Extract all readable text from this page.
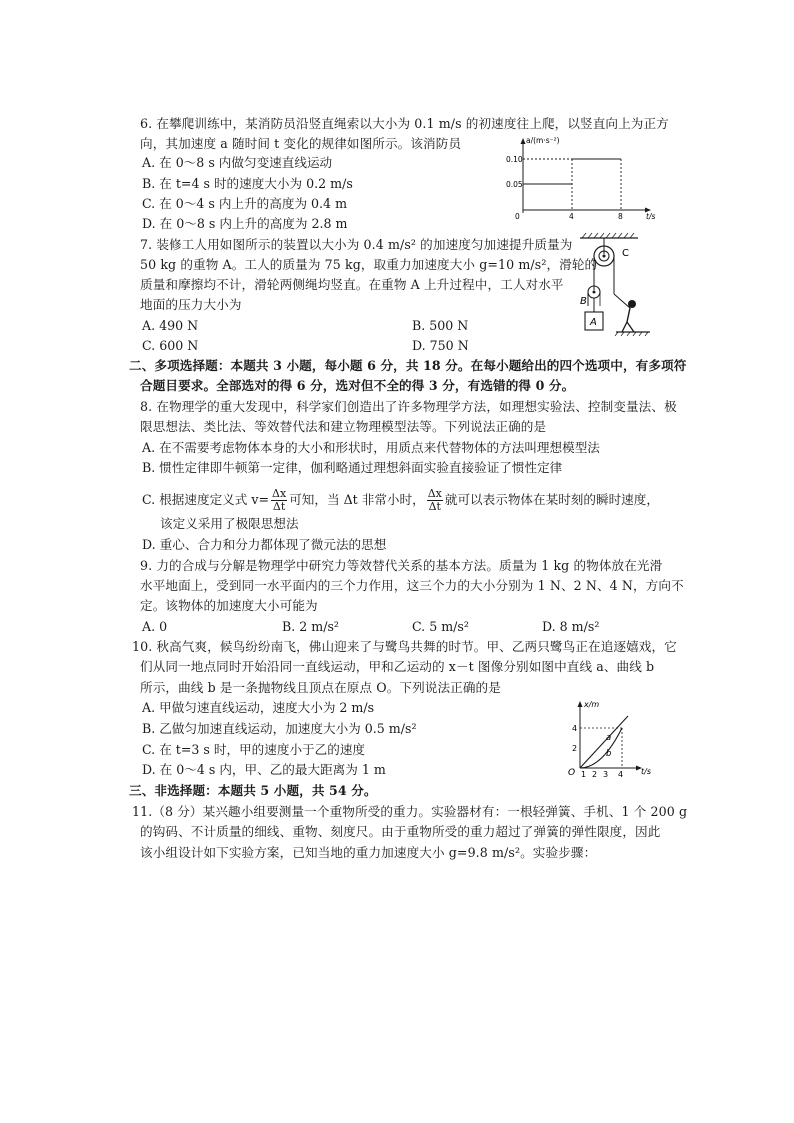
6. 在攀爬训练中，某消防员沿竖直绳索以大小为 0.1 m/s 的初速度往上爬，以竖直向上为正方
向，其加速度 a 随时间 t 变化的规律如图所示。该消防员
A. 在 0～8 s 内做匀变速直线运动
B. 在 t=4 s 时的速度大小为 0.2 m/s
C. 在 0～4 s 内上升的高度为 0.4 m
D. 在 0～8 s 内上升的高度为 2.8 m
a/(m·s⁻²)
t/s
0.10
0.05
0	4	8
7. 装修工人用如图所示的装置以大小为 0.4 m/s² 的加速度匀加速提升质量为
50 kg 的重物 A。工人的质量为 75 kg，取重力加速度大小 g=10 m/s²，滑轮的
质量和摩擦均不计，滑轮两侧绳均竖直。在重物 A 上升过程中，工人对水平
地面的压力大小为
A. 490 N	B. 500 N
C. 600 N	D. 750 N
C
B
A
二、多项选择题：本题共 3 小题，每小题 6 分，共 18 分。在每小题给出的四个选项中，有多项符
合题目要求。全部选对的得 6 分，选对但不全的得 3 分，有选错的得 0 分。
8. 在物理学的重大发现中，科学家们创造出了许多物理学方法，如理想实验法、控制变量法、极
限思想法、类比法、等效替代法和建立物理模型法等。下列说法正确的是
A. 在不需要考虑物体本身的大小和形状时，用质点来代替物体的方法叫理想模型法
B. 惯性定律即牛顿第一定律，伽利略通过理想斜面实验直接验证了惯性定律
C. 根据速度定义式 $v= \frac{\Delta x}{\Delta t}$ 可知，当 Δt 非常小时， $\frac{\Delta x}{\Delta t}$ 就可以表示物体在某时刻的瞬时速度，
该定义采用了极限思想法
D. 重心、合力和分力都体现了微元法的思想
9. 力的合成与分解是物理学中研究力等效替代关系的基本方法。质量为 1 kg 的物体放在光滑
水平地面上，受到同一水平面内的三个力作用，这三个力的大小分别为 1 N、2 N、4 N，方向不
定。该物体的加速度大小可能为
A. 0	B. 2 m/s²	C. 5 m/s²	D. 8 m/s²
10. 秋高气爽，候鸟纷纷南飞，佛山迎来了与鹭鸟共舞的时节。甲、乙两只鹭鸟正在追逐嬉戏，它
们从同一地点同时开始沿同一直线运动，甲和乙运动的 x－t 图像分别如图中直线 a、曲线 b
所示，曲线 b 是一条抛物线且顶点在原点 O。下列说法正确的是
A. 甲做匀速直线运动，速度大小为 2 m/s
B. 乙做匀加速直线运动，加速度大小为 0.5 m/s²
C. 在 t=3 s 时，甲的速度小于乙的速度
D. 在 0～4 s 内，甲、乙的最大距离为 1 m
x/m
t/s
O
4
2
1 2 3 4
a
b
三、非选择题：本题共 5 小题，共 54 分。
11.（8 分）某兴趣小组要测量一个重物所受的重力。实验器材有：一根轻弹簧、手机、1 个 200 g
的钩码、不计质量的细线、重物、刻度尺。由于重物所受的重力超过了弹簧的弹性限度，因此
该小组设计如下实验方案，已知当地的重力加速度大小 g=9.8 m/s²。实验步骤：
